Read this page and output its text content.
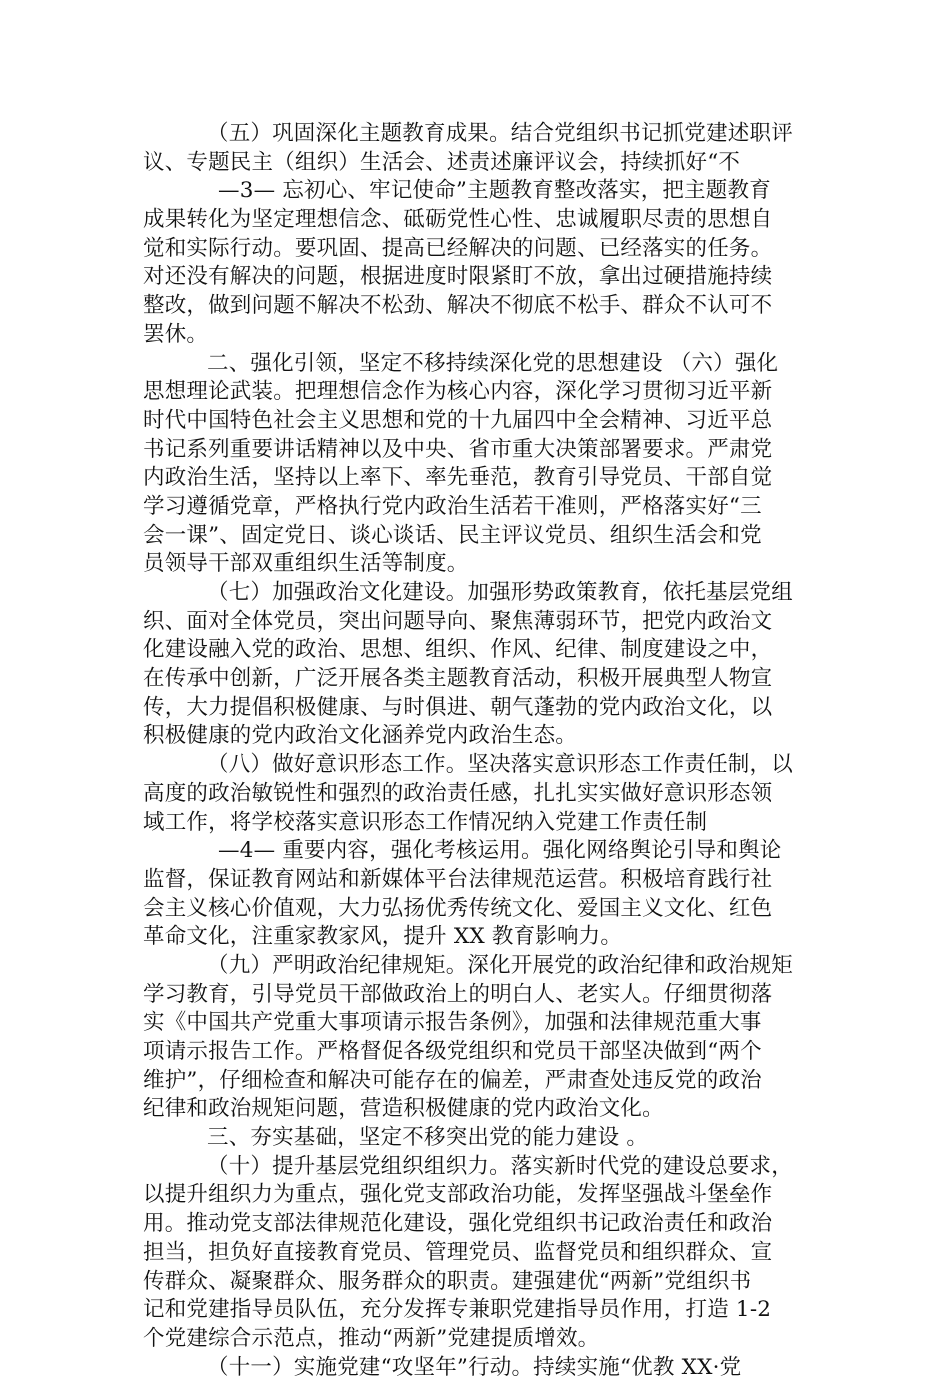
（五）巩固深化主题教育成果。结合党组织书记抓党建述职评
议、专题民主（组织）生活会、述责述廉评议会，持续抓好“不
—3— 忘初心、牢记使命”主题教育整改落实，把主题教育
成果转化为坚定理想信念、砥砺党性心性、忠诚履职尽责的思想自
觉和实际行动。要巩固、提高已经解决的问题、已经落实的任务。
对还没有解决的问题，根据进度时限紧盯不放，拿出过硬措施持续
整改，做到问题不解决不松劲、解决不彻底不松手、群众不认可不
罢休。
二、强化引领，坚定不移持续深化党的思想建设 （六）强化
思想理论武装。把理想信念作为核心内容，深化学习贯彻习近平新
时代中国特色社会主义思想和党的十九届四中全会精神、习近平总
书记系列重要讲话精神以及中央、省市重大决策部署要求。严肃党
内政治生活，坚持以上率下、率先垂范，教育引导党员、干部自觉
学习遵循党章，严格执行党内政治生活若干准则，严格落实好“三
会一课”、固定党日、谈心谈话、民主评议党员、组织生活会和党
员领导干部双重组织生活等制度。
（七）加强政治文化建设。加强形势政策教育，依托基层党组
织、面对全体党员，突出问题导向、聚焦薄弱环节，把党内政治文
化建设融入党的政治、思想、组织、作风、纪律、制度建设之中，
在传承中创新，广泛开展各类主题教育活动，积极开展典型人物宣
传，大力提倡积极健康、与时俱进、朝气蓬勃的党内政治文化，以
积极健康的党内政治文化涵养党内政治生态。
（八）做好意识形态工作。坚决落实意识形态工作责任制，以
高度的政治敏锐性和强烈的政治责任感，扎扎实实做好意识形态领
域工作，将学校落实意识形态工作情况纳入党建工作责任制
—4— 重要内容，强化考核运用。强化网络舆论引导和舆论
监督，保证教育网站和新媒体平台法律规范运营。积极培育践行社
会主义核心价值观，大力弘扬优秀传统文化、爱国主义文化、红色
革命文化，注重家教家风，提升 XX 教育影响力。
（九）严明政治纪律规矩。深化开展党的政治纪律和政治规矩
学习教育，引导党员干部做政治上的明白人、老实人。仔细贯彻落
实《中国共产党重大事项请示报告条例》，加强和法律规范重大事
项请示报告工作。严格督促各级党组织和党员干部坚决做到“两个
维护”，仔细检查和解决可能存在的偏差，严肃查处违反党的政治
纪律和政治规矩问题，营造积极健康的党内政治文化。
三、夯实基础，坚定不移突出党的能力建设 。
（十）提升基层党组织组织力。落实新时代党的建设总要求，
以提升组织力为重点，强化党支部政治功能，发挥坚强战斗堡垒作
用。推动党支部法律规范化建设，强化党组织书记政治责任和政治
担当，担负好直接教育党员、管理党员、监督党员和组织群众、宣
传群众、凝聚群众、服务群众的职责。建强建优“两新”党组织书
记和党建指导员队伍，充分发挥专兼职党建指导员作用，打造 1-2
个党建综合示范点，推动“两新”党建提质增效。
（十一）实施党建“攻坚年”行动。持续实施“优教 XX·党
